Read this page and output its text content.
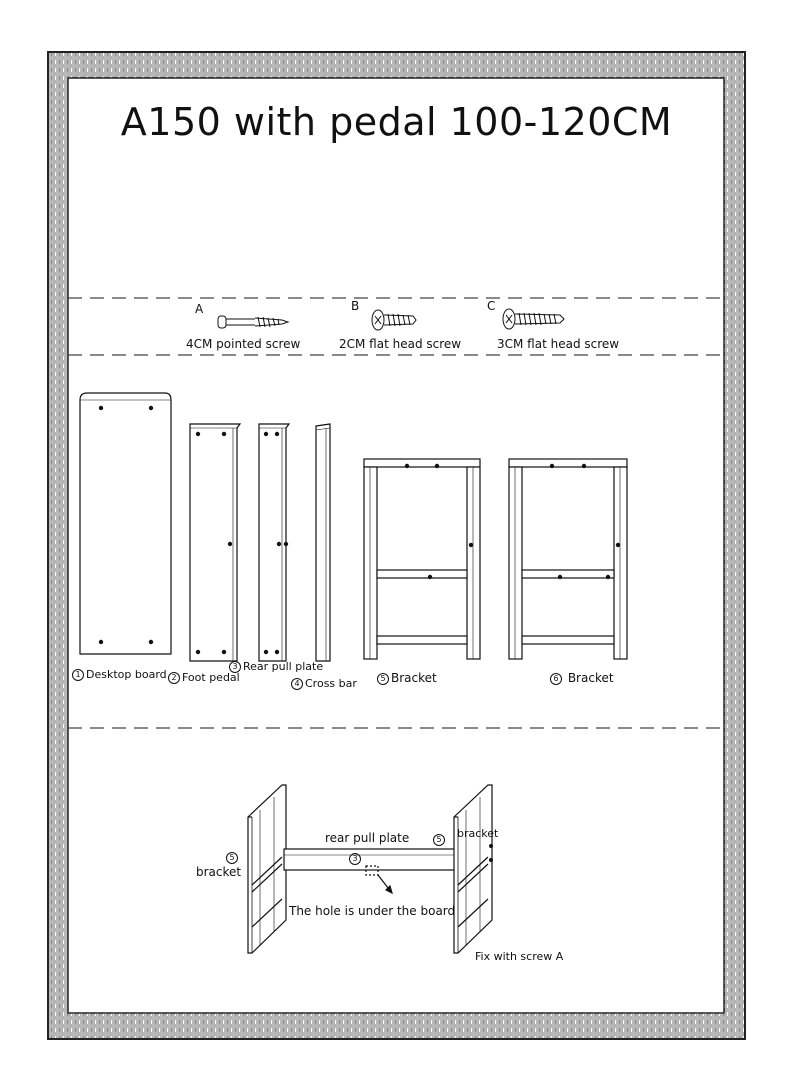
A150 with pedal 100-120CM
A
4CM pointed screw
B
2CM flat head screw
C
3CM flat head screw
1 Desktop board 2 Foot pedal
3 Rear pull plate
4 Cross bar	5 Bracket	6 Bracket
rear pull plate
3
5
bracket
5	bracket
The hole is under the board
Fix with screw A
